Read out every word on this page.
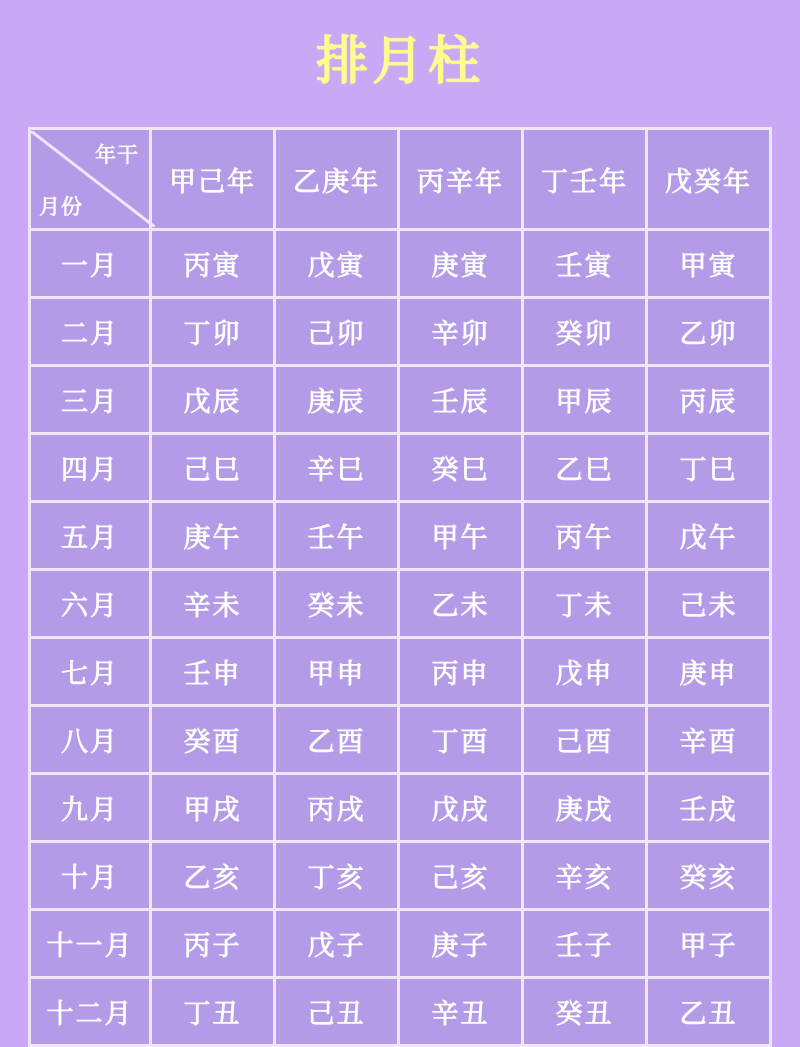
排月柱
年干
月份	甲己年	乙庚年	丙辛年	丁壬年	戊癸年
一月	丙寅	戊寅	庚寅	壬寅	甲寅
二月	丁卯	己卯	辛卯	癸卯	乙卯
三月	戊辰	庚辰	壬辰	甲辰	丙辰
四月	己巳	辛巳	癸巳	乙巳	丁巳
五月	庚午	壬午	甲午	丙午	戊午
六月	辛未	癸未	乙未	丁未	己未
七月	壬申	甲申	丙申	戊申	庚申
八月	癸酉	乙酉	丁酉	己酉	辛酉
九月	甲戌	丙戌	戊戌	庚戌	壬戌
十月	乙亥	丁亥	己亥	辛亥	癸亥
十一月	丙子	戊子	庚子	壬子	甲子
十二月	丁丑	己丑	辛丑	癸丑	乙丑
